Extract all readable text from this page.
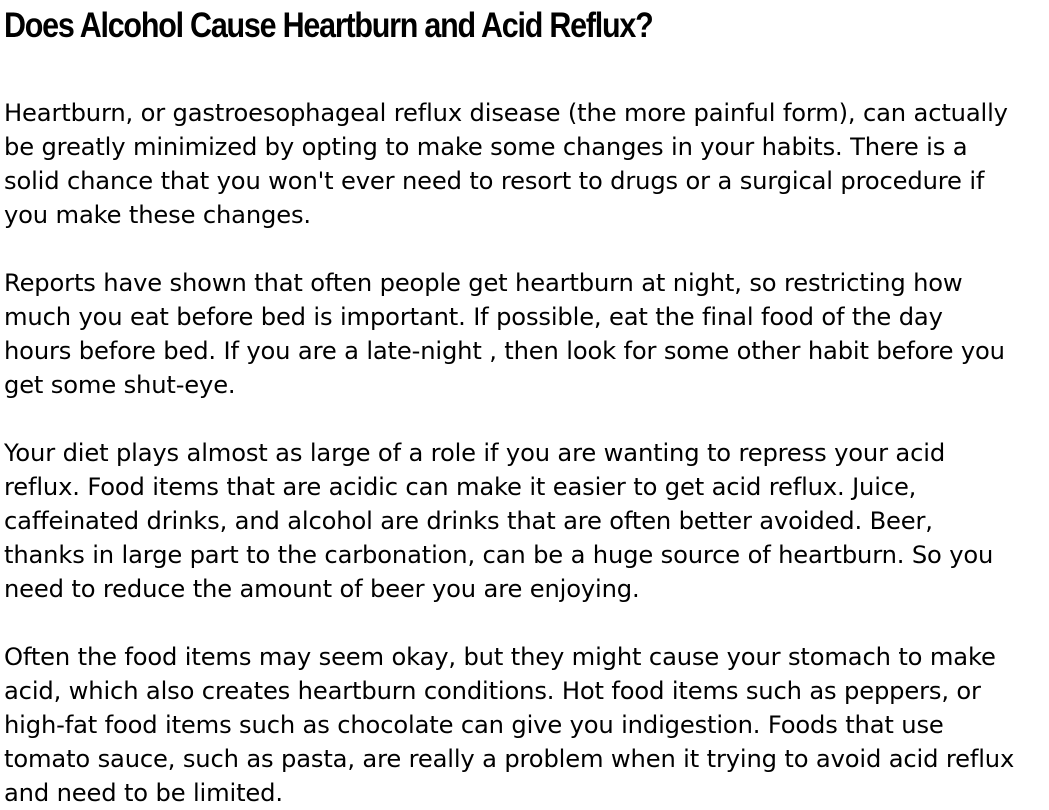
Does Alcohol Cause Heartburn and Acid Reflux?

Heartburn, or gastroesophageal reflux disease (the more painful form), can actually
be greatly minimized by opting to make some changes in your habits. There is a
solid chance that you won't ever need to resort to drugs or a surgical procedure if
you make these changes.

Reports have shown that often people get heartburn at night, so restricting how
much you eat before bed is important. If possible, eat the final food of the day
hours before bed. If you are a late-night , then look for some other habit before you
get some shut-eye.

Your diet plays almost as large of a role if you are wanting to repress your acid
reflux. Food items that are acidic can make it easier to get acid reflux. Juice,
caffeinated drinks, and alcohol are drinks that are often better avoided. Beer,
thanks in large part to the carbonation, can be a huge source of heartburn. So you
need to reduce the amount of beer you are enjoying.

Often the food items may seem okay, but they might cause your stomach to make
acid, which also creates heartburn conditions. Hot food items such as peppers, or
high-fat food items such as chocolate can give you indigestion. Foods that use
tomato sauce, such as pasta, are really a problem when it trying to avoid acid reflux
and need to be limited.
